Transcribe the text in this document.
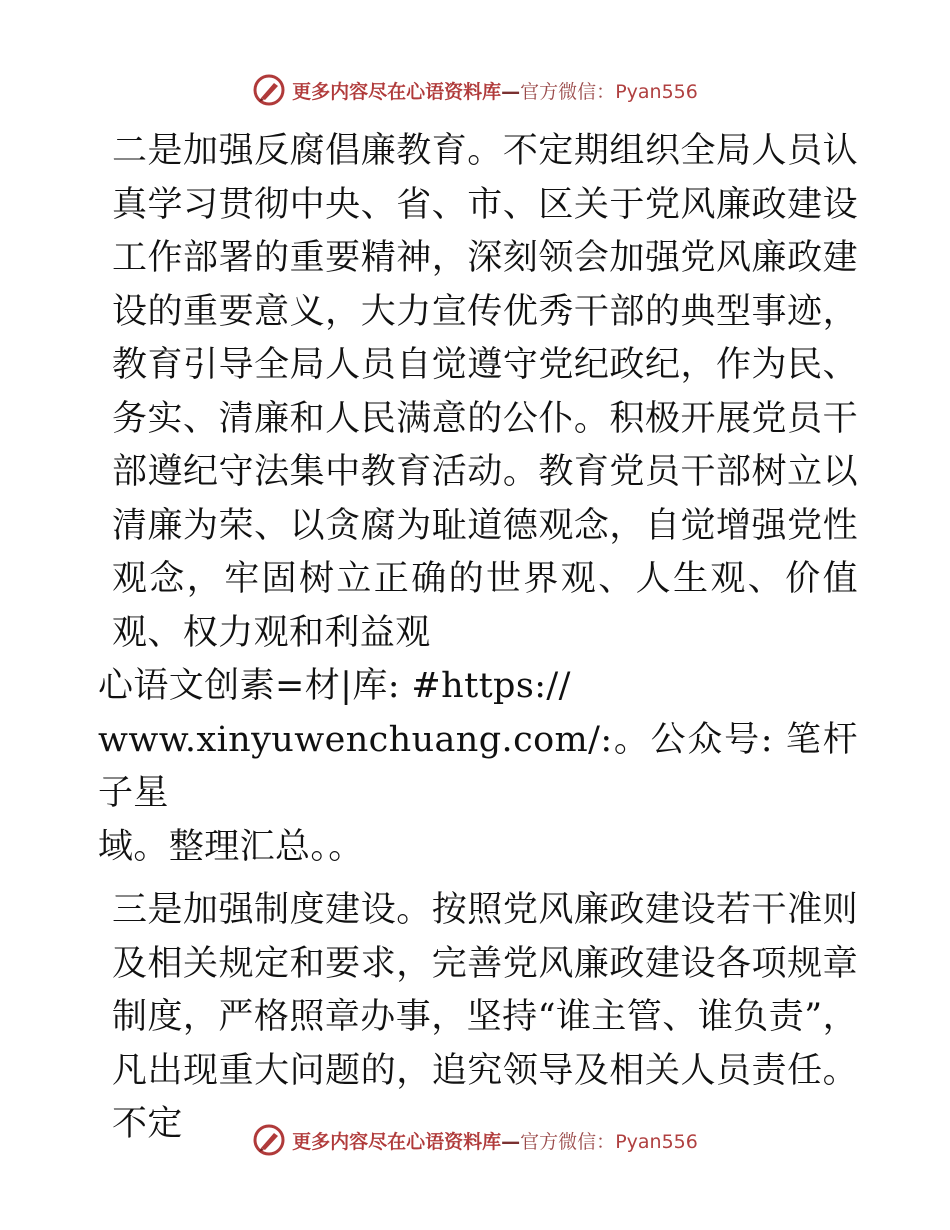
更多内容尽在心语资料库—官方微信：Pyan556

二是加强反腐倡廉教育。不定期组织全局人员认真学习贯彻中央、省、市、区关于党风廉政建设工作部署的重要精神，深刻领会加强党风廉政建设的重要意义，大力宣传优秀干部的典型事迹，教育引导全局人员自觉遵守党纪政纪，作为民、务实、清廉和人民满意的公仆。积极开展党员干部遵纪守法集中教育活动。教育党员干部树立以清廉为荣、以贪腐为耻道德观念，自觉增强党性观念，牢固树立正确的世界观、人生观、价值观、权力观和利益观

心语文创素=材|库: #https://
www.xinyuwenchuang.com/:。公众号: 笔杆子星
域。整理汇总。。

三是加强制度建设。按照党风廉政建设若干准则及相关规定和要求，完善党风廉政建设各项规章制度，严格照章办事，坚持“谁主管、谁负责”，凡出现重大问题的，追究领导及相关人员责任。不定	更多内容尽在心语资料库—官方微信：Pyan556
